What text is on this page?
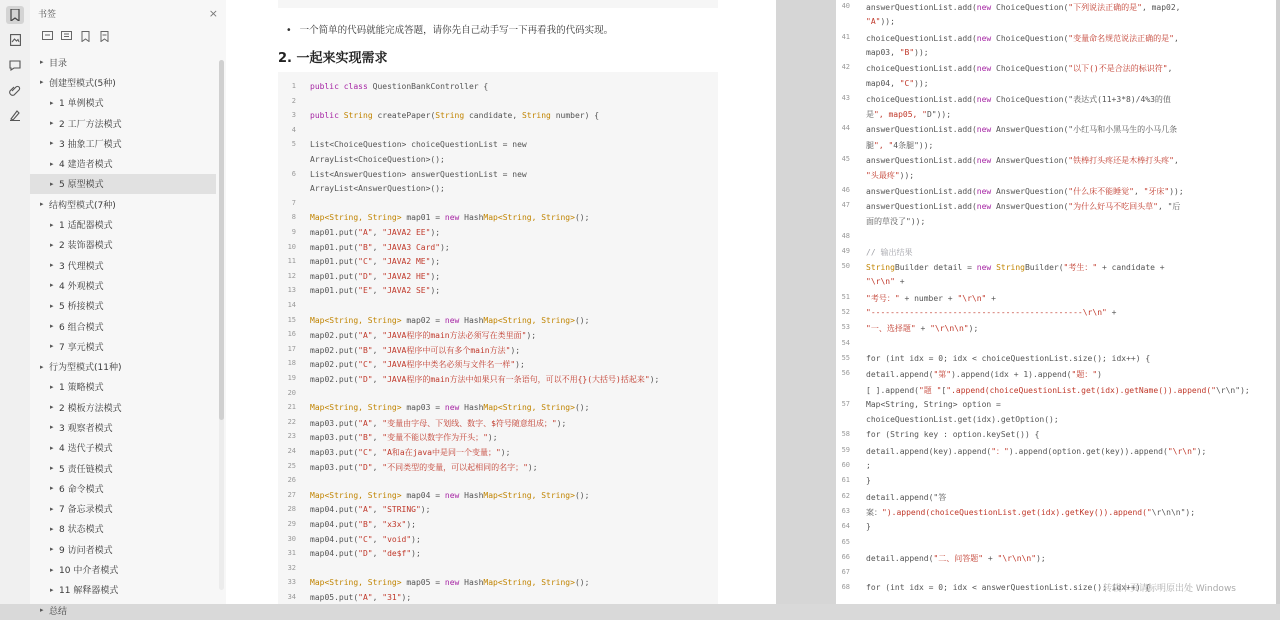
书签	×
▸ 目录
▸ 创建型模式(5种)
▸ 1 单例模式
▸ 2 工厂方法模式
▸ 3 抽象工厂模式
▸ 4 建造者模式
▸ 5 原型模式
▸ 结构型模式(7种)
▸ 1 适配器模式
▸ 2 装饰器模式
▸ 3 代理模式
▸ 4 外观模式
▸ 5 桥接模式
▸ 6 组合模式
▸ 7 享元模式
▸ 行为型模式(11种)
▸ 1 策略模式
▸ 2 模板方法模式
▸ 3 观察者模式
▸ 4 迭代子模式
▸ 5 责任链模式
▸ 6 命令模式
▸ 7 备忘录模式
▸ 8 状态模式
▸ 9 访问者模式
▸ 10 中介者模式
▸ 11 解释器模式
▸ 总结
• 一个简单的代码就能完成答题，请你先自己动手写一下再看我的代码实现。
2. 一起来实现需求
1 public class QuestionBankController {
2
3 public String createPaper(String candidate, String number) {
4
5 List<ChoiceQuestion> choiceQuestionList = new
ArrayList<ChoiceQuestion>();
6 List<AnswerQuestion> answerQuestionList = new
ArrayList<AnswerQuestion>();
7
8 Map<String, String> map01 = new HashMap<String, String>();
9 map01.put("A", "JAVA2 EE");
10 map01.put("B", "JAVA3 Card");
11 map01.put("C", "JAVA2 ME");
12 map01.put("D", "JAVA2 HE");
13 map01.put("E", "JAVA2 SE");
14
15 Map<String, String> map02 = new HashMap<String, String>();
16 map02.put("A", "JAVA程序的main方法必须写在类里面");
17 map02.put("B", "JAVA程序中可以有多个main方法");
18 map02.put("C", "JAVA程序中类名必须与文件名一样");
19 map02.put("D", "JAVA程序的main方法中如果只有一条语句，可以不用{}(大括号)括起来");
20
21 Map<String, String> map03 = new HashMap<String, String>();
22 map03.put("A", "变量由字母、下划线、数字、$符号随意组成；");
23 map03.put("B", "变量不能以数字作为开头；");
24 map03.put("C", "A和a在java中是同一个变量；");
25 map03.put("D", "不同类型的变量，可以起相同的名字；");
26
27 Map<String, String> map04 = new HashMap<String, String>();
28 map04.put("A", "STRING");
29 map04.put("B", "x3x");
30 map04.put("C", "void");
31 map04.put("D", "de$f");
32
33 Map<String, String> map05 = new HashMap<String, String>();
34 map05.put("A", "31");
40 answerQuestionList.add(new ChoiceQuestion("下列说法正确的是", map02,
"A"));
41 choiceQuestionList.add(new ChoiceQuestion("变量命名规范说法正确的是",
map03, "B"));
42 choiceQuestionList.add(new ChoiceQuestion("以下()不是合法的标识符",
map04, "C"));
43 choiceQuestionList.add(new ChoiceQuestion("表达式(11+3*8)/4%3的值
是", map05, "D"));
44 answerQuestionList.add(new AnswerQuestion("小红马和小黑马生的小马几条
腿", "4条腿"));
45 answerQuestionList.add(new AnswerQuestion("铁棒打头疼还是木棒打头疼",
"头最疼"));
46 answerQuestionList.add(new AnswerQuestion("什么床不能睡觉", "牙床"));
47 answerQuestionList.add(new AnswerQuestion("为什么好马不吃回头草", "后
面的草没了"));
48
49 // 输出结果
50 StringBuilder detail = new StringBuilder("考生：" + candidate +
"\r\n" +
51 "考号：" + number + "\r\n" +
52 "--------------------------------------------\r\n" +
53 "一、选择题" + "\r\n\n");
54
55 for (int idx = 0; idx < choiceQuestionList.size(); idx++) {
56 detail.append("第").append(idx + 1).append("题：")
[ ].append("题 "[".append(choiceQuestionList.get(idx).getName()).append("\r\n");
57 Map<String, String> option =
choiceQuestionList.get(idx).getOption();
58 for (String key : option.keySet()) {
59 detail.append(key).append("：").append(option.get(key)).append("\r\n");
60 ;
61 }
62 detail.append("答
63 案：").append(choiceQuestionList.get(idx).getKey()).append("\r\n\n");
64 }
65
66 detail.append("二、问答题" + "\r\n\n");
67
68 for (int idx = 0; idx < answerQuestionList.size(); idx++) {
转载本页请标明原出处 Windows
